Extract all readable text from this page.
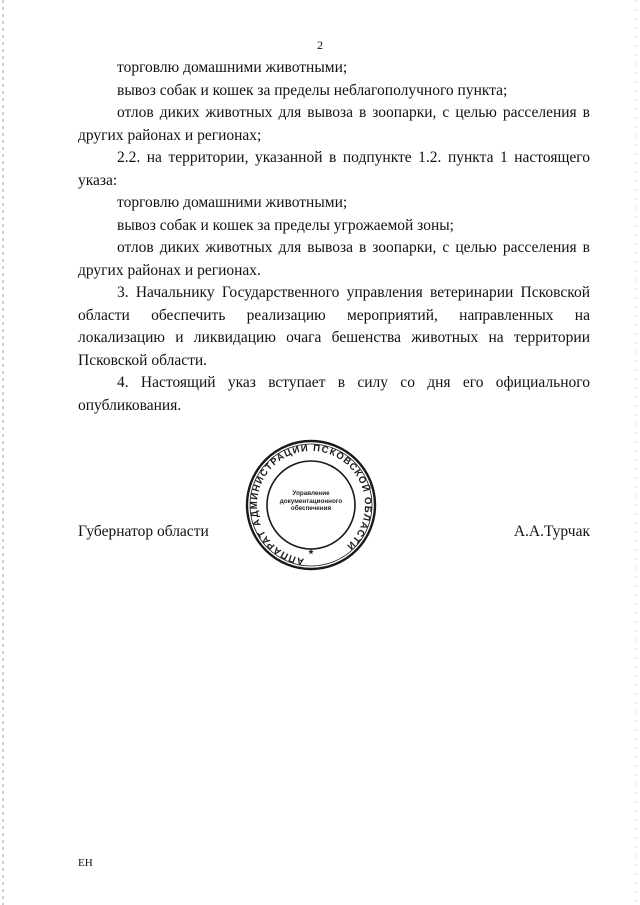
2

торговлю домашними животными;

вывоз собак и кошек за пределы неблагополучного пункта;

отлов диких животных для вывоза в зоопарки, с целью расселения в других районах и регионах;

2.2. на территории, указанной в подпункте 1.2. пункта 1 настоящего указа:

торговлю домашними животными;

вывоз собак и кошек за пределы угрожаемой зоны;

отлов диких животных для вывоза в зоопарки, с целью расселения в других районах и регионах.

3. Начальнику Государственного управления ветеринарии Псковской области обеспечить реализацию мероприятий, направленных на локализацию и ликвидацию очага бешенства животных на территории Псковской области.

4. Настоящий указ вступает в силу со дня его официального опубликования.

Губернатор области	А.А.Турчак
АППАРАТ АДМИНИСТРАЦИИ ПСКОВСКОЙ ОБЛАСТИ
*
Управление
документационного
обеспечения
ЕН
